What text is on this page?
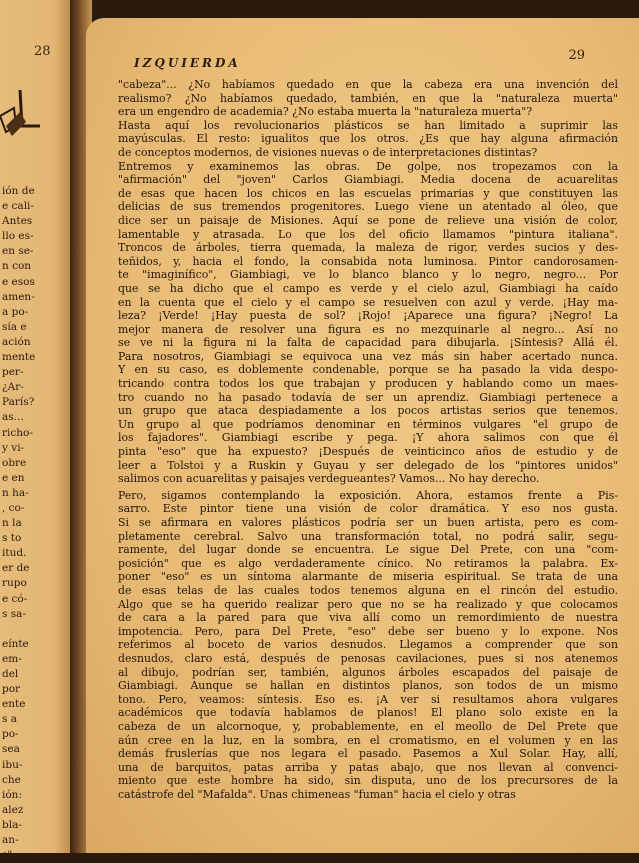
28
ión de
e cali-
Antes
llo es-
en se-
n con
e esos
amen-
a po-
sía e
ación
mente
per-
¿Ar-
París?
as...
richo-
y vi-
obre
e en
n ha-
, co-
n la
s to
itud.
er de
rupo
e có-
s sa-
eínte
em-
del
por
ente
s a
po-
sea
ibu-
che
ión:
alez
bla-
an-
s";
IZQUIERDA	29
"cabeza"... ¿No habíamos quedado en que la cabeza era una invención del
realismo? ¿No habíamos quedado, también, en que la "naturaleza muerta"
era un engendro de academia? ¿No estaba muerta la "naturaleza muerta"?
Hasta aquí los revolucionarios plásticos se han limitado a suprimir las
mayúsculas. El resto: igualitos que los otros. ¿Es que hay alguna afirmación
de conceptos modernos, de visiones nuevas o de interpretaciones distintas?
Entremos y examinemos las obras. De golpe, nos tropezamos con la
"afirmación" del "joven" Carlos Giambiagi. Media docena de acuarelitas
de esas que hacen los chicos en las escuelas primarias y que constituyen las
delicias de sus tremendos progenitores. Luego viene un atentado al óleo, que
dice ser un paisaje de Misiones. Aquí se pone de relieve una visión de color,
lamentable y atrasada. Lo que los del oficio llamamos "pintura italiana".
Troncos de árboles, tierra quemada, la maleza de rigor, verdes sucios y des-
teñidos, y, hacia el fondo, la consabida nota luminosa. Pintor candorosamen-
te "imaginífico", Giambiagi, ve lo blanco blanco y lo negro, negro... Por
que se ha dicho que el campo es verde y el cielo azul, Giambiagi ha caído
en la cuenta que el cielo y el campo se resuelven con azul y verde. ¡Hay ma-
leza? ¡Verde! ¡Hay puesta de sol? ¡Rojo! ¡Aparece una figura? ¡Negro! La
mejor manera de resolver una figura es no mezquinarle al negro... Así no
se ve ni la figura ni la falta de capacidad para dibujarla. ¡Síntesis? Allá él.
Para nosotros, Giambiagi se equivoca una vez más sin haber acertado nunca.
Y en su caso, es doblemente condenable, porque se ha pasado la vida despo-
tricando contra todos los que trabajan y producen y hablando como un maes-
tro cuando no ha pasado todavía de ser un aprendiz. Giambiagi pertenece a
un grupo que ataca despiadamente a los pocos artistas serios que tenemos.
Un grupo al que podríamos denominar en términos vulgares "el grupo de
los fajadores". Giambiagi escribe y pega. ¡Y ahora salimos con que él
pinta "eso" que ha expuesto? ¡Después de veinticinco años de estudio y de
leer a Tolstoi y a Ruskin y Guyau y ser delegado de los "pintores unidos"
salimos con acuarelitas y paisajes verdegueantes? Vamos... No hay derecho.
Pero, sigamos contemplando la exposición. Ahora, estamos frente a Pis-
sarro. Este pintor tiene una visión de color dramática. Y eso nos gusta.
Si se afirmara en valores plásticos podría ser un buen artista, pero es com-
pletamente cerebral. Salvo una transformación total, no podrá salir, segu-
ramente, del lugar donde se encuentra. Le sigue Del Prete, con una "com-
posición" que es algo verdaderamente cínico. No retiramos la palabra. Ex-
poner "eso" es un síntoma alarmante de miseria espiritual. Se trata de una
de esas telas de las cuales todos tenemos alguna en el rincón del estudio.
Algo que se ha querido realizar pero que no se ha realizado y que colocamos
de cara a la pared para que viva allí como un remordimiento de nuestra
impotencia. Pero, para Del Prete, "eso" debe ser bueno y lo expone. Nos
referimos al boceto de varios desnudos. Llegamos a comprender que son
desnudos, claro está, después de penosas cavilaciones, pues si nos atenemos
al dibujo, podrían ser, también, algunos árboles escapados del paisaje de
Giambiagi. Aunque se hallan en distintos planos, son todos de un mismo
tono. Pero, veamos: síntesis. Eso es. ¡A ver si resultamos ahora vulgares
académicos que todavía hablamos de planos! El plano solo existe en la
cabeza de un alcornoque, y, probablemente, en el meollo de Del Prete que
aún cree en la luz, en la sombra, en el cromatismo, en el volumen y en las
demás fruslerías que nos legara el pasado. Pasemos a Xul Solar. Hay, allí,
una de barquitos, patas arriba y patas abajo, que nos llevan al convenci-
miento que este hombre ha sido, sin disputa, uno de los precursores de la
catástrofe del "Mafalda". Unas chimeneas "fuman" hacia el cielo y otras
